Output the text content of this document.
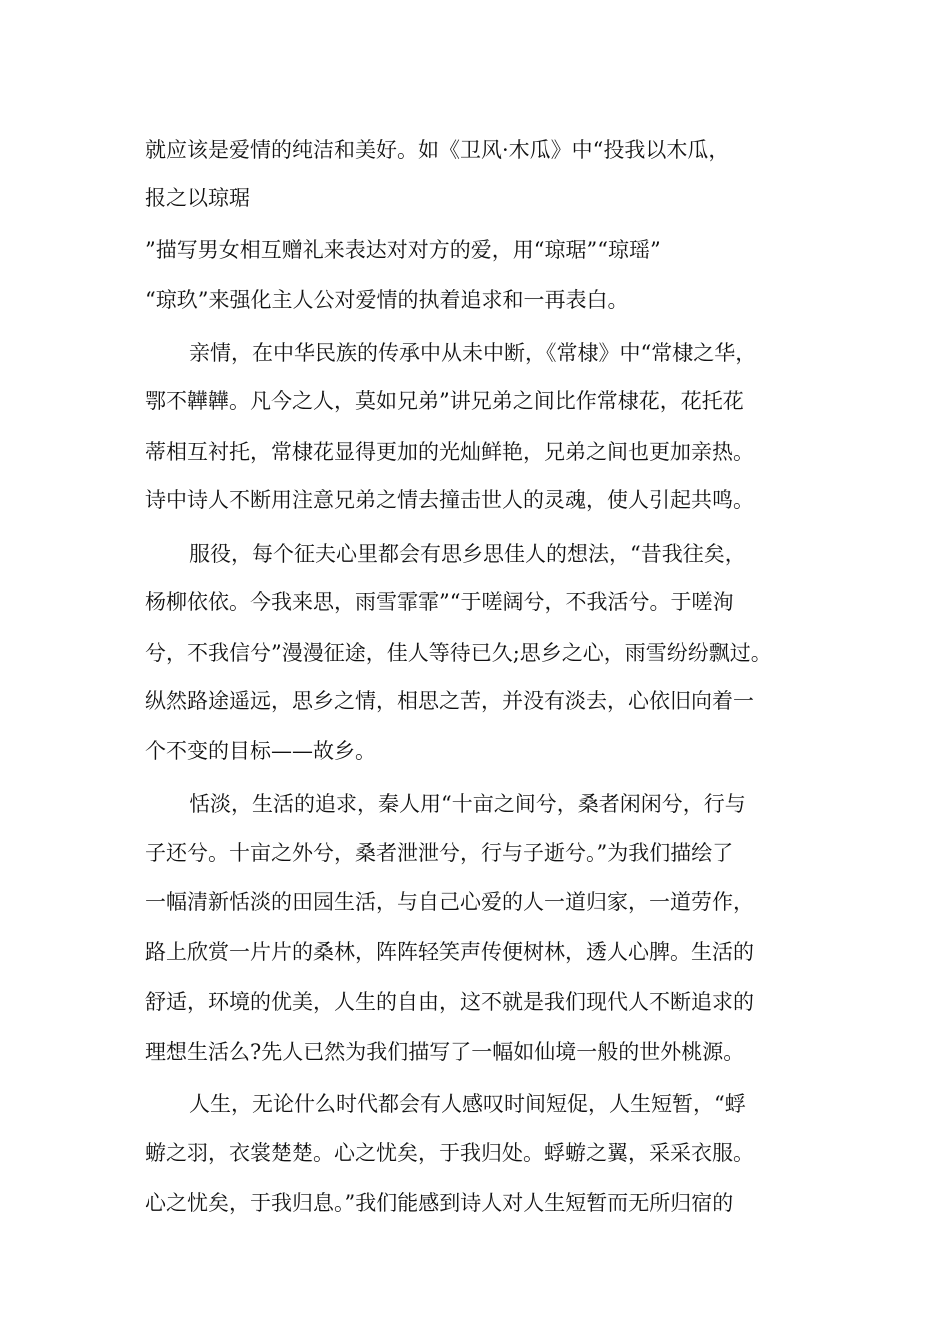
就应该是爱情的纯洁和美好。如《卫风·木瓜》中“投我以木瓜，
报之以琼琚
”描写男女相互赠礼来表达对对方的爱，用“琼琚”“琼瑶”
“琼玖”来强化主人公对爱情的执着追求和一再表白。
亲情，在中华民族的传承中从未中断，《常棣》中“常棣之华，
鄂不韡韡。凡今之人，莫如兄弟”讲兄弟之间比作常棣花，花托花
蒂相互衬托，常棣花显得更加的光灿鲜艳，兄弟之间也更加亲热。
诗中诗人不断用注意兄弟之情去撞击世人的灵魂，使人引起共鸣。
服役，每个征夫心里都会有思乡思佳人的想法，“昔我往矣，
杨柳依依。今我来思，雨雪霏霏”“于嗟阔兮，不我活兮。于嗟洵
兮，不我信兮”漫漫征途，佳人等待已久;思乡之心，雨雪纷纷飘过。
纵然路途遥远，思乡之情，相思之苦，并没有淡去，心依旧向着一
个不变的目标——故乡。
恬淡，生活的追求，秦人用“十亩之间兮，桑者闲闲兮，行与
子还兮。十亩之外兮，桑者泄泄兮，行与子逝兮。”为我们描绘了
一幅清新恬淡的田园生活，与自己心爱的人一道归家，一道劳作，
路上欣赏一片片的桑林，阵阵轻笑声传便树林，透人心脾。生活的
舒适，环境的优美，人生的自由，这不就是我们现代人不断追求的
理想生活么?先人已然为我们描写了一幅如仙境一般的世外桃源。
人生，无论什么时代都会有人感叹时间短促，人生短暂，“蜉
蝣之羽，衣裳楚楚。心之忧矣，于我归处。蜉蝣之翼，采采衣服。
心之忧矣，于我归息。”我们能感到诗人对人生短暂而无所归宿的
